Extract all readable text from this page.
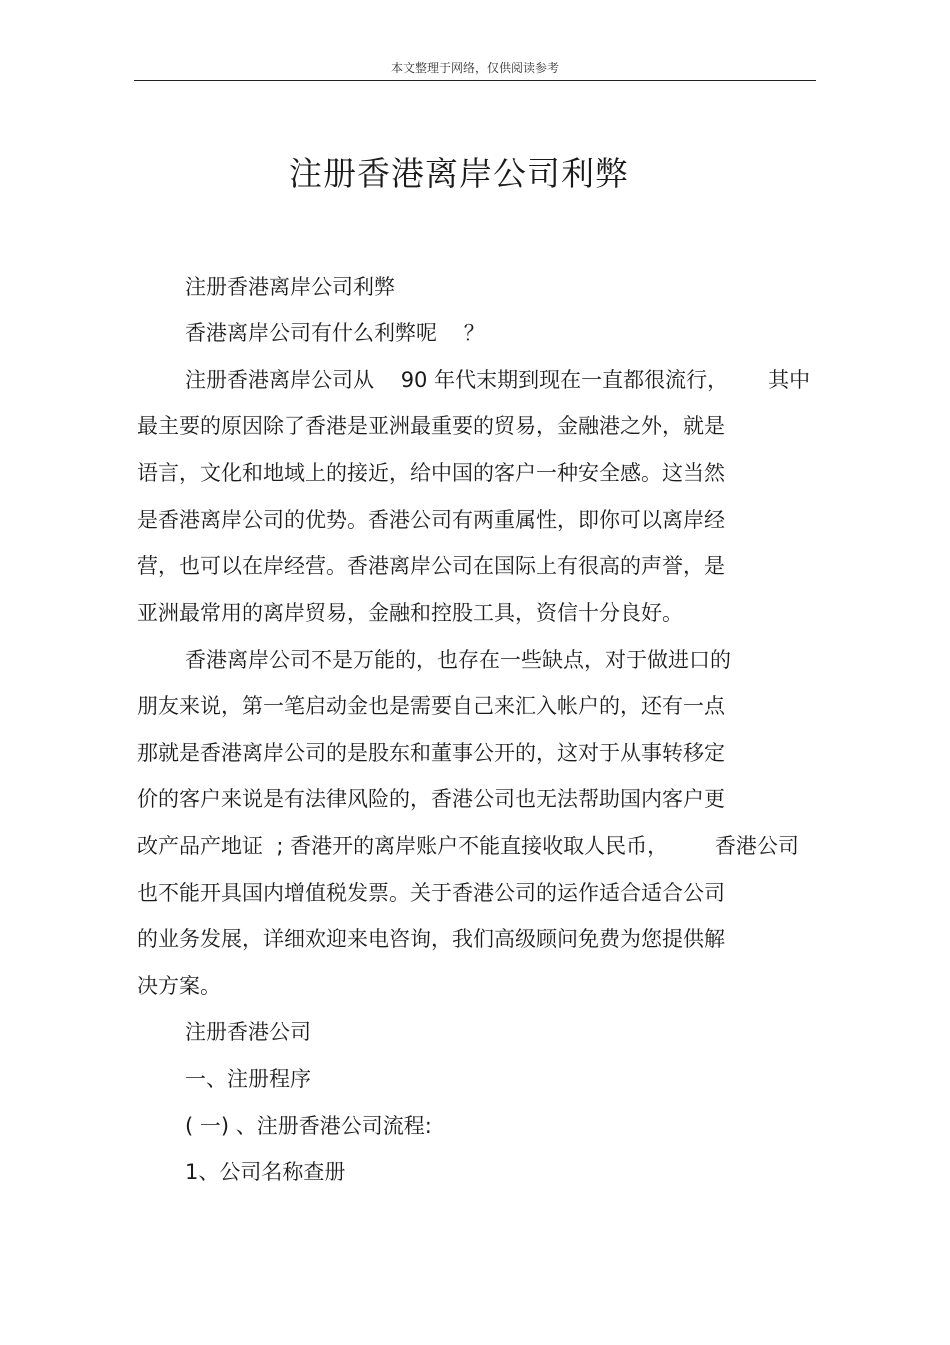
本文整理于网络，仅供阅读参考
注册香港离岸公司利弊
注册香港离岸公司利弊
香港离岸公司有什么利弊呢    ？
注册香港离岸公司从    90 年代末期到现在一直都很流行，      其中
最主要的原因除了香港是亚洲最重要的贸易，金融港之外，就是
语言，文化和地域上的接近，给中国的客户一种安全感。这当然
是香港离岸公司的优势。香港公司有两重属性，即你可以离岸经
营，也可以在岸经营。香港离岸公司在国际上有很高的声誉，是
亚洲最常用的离岸贸易，金融和控股工具，资信十分良好。
香港离岸公司不是万能的，也存在一些缺点，对于做进口的
朋友来说，第一笔启动金也是需要自己来汇入帐户的，还有一点
那就是香港离岸公司的是股东和董事公开的，这对于从事转移定
价的客户来说是有法律风险的，香港公司也无法帮助国内客户更
改产品产地证  ; 香港开的离岸账户不能直接收取人民币，       香港公司
也不能开具国内增值税发票。关于香港公司的运作适合适合公司
的业务发展，详细欢迎来电咨询，我们高级顾问免费为您提供解
决方案。
注册香港公司
一、注册程序
( 一) 、注册香港公司流程:
1、公司名称查册
